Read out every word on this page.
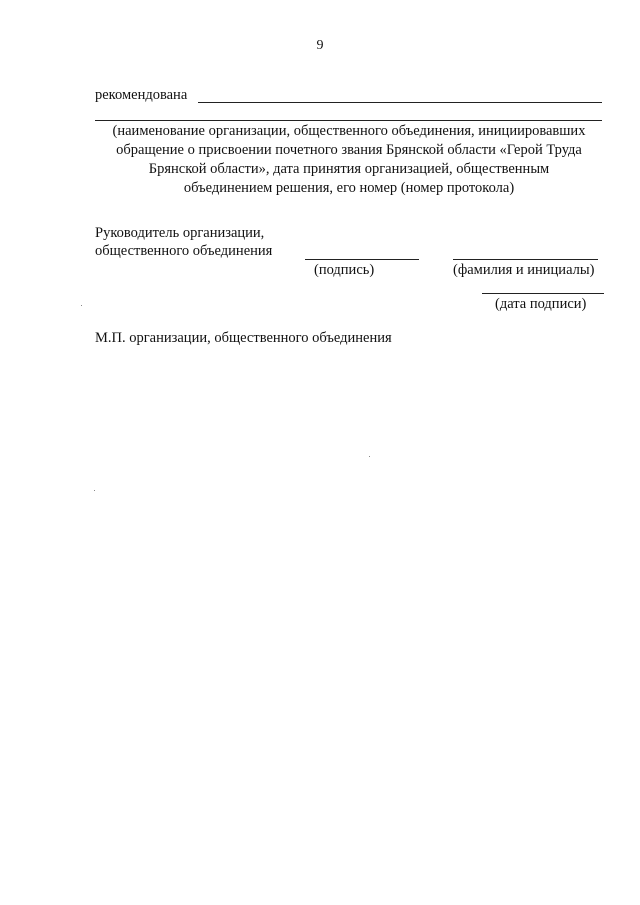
9
рекомендована
(наименование организации, общественного объединения, инициировавших
обращение о присвоении почетного звания Брянской области «Герой Труда
Брянской области», дата принятия организацией, общественным
объединением решения, его номер (номер протокола)
Руководитель организации,
общественного объединения
(подпись)	(фамилия и инициалы)
(дата подписи)
М.П. организации, общественного объединения
